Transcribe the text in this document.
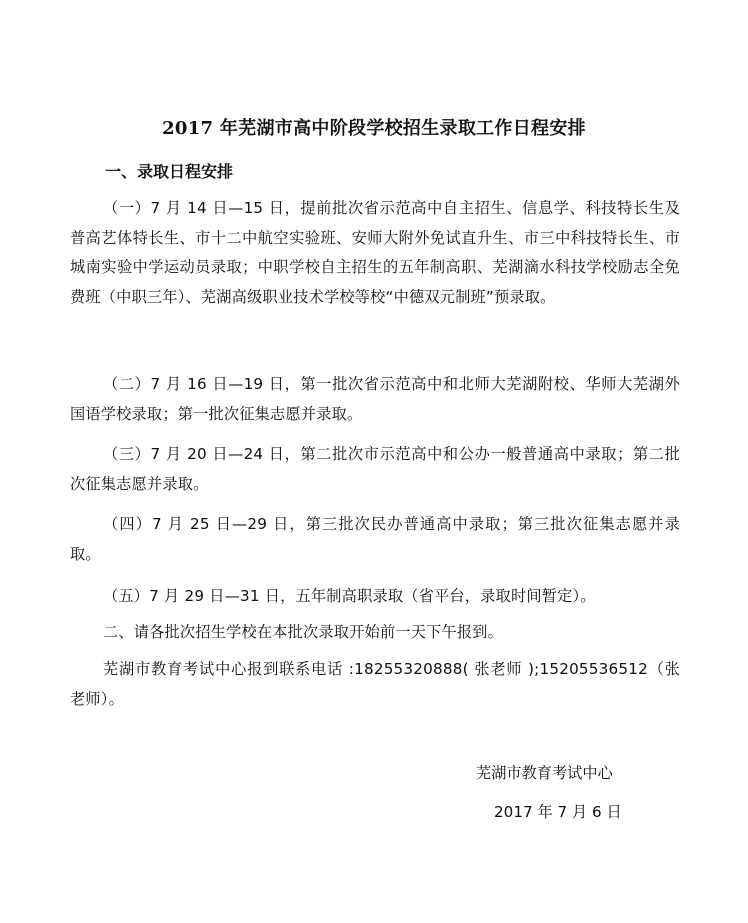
2017 年芜湖市高中阶段学校招生录取工作日程安排

一、录取日程安排

（一）7 月 14 日—15 日，提前批次省示范高中自主招生、信息学、科技特长生及普高艺体特长生、市十二中航空实验班、安师大附外免试直升生、市三中科技特长生、市城南实验中学运动员录取；中职学校自主招生的五年制高职、芜湖滴水科技学校励志全免费班（中职三年）、芜湖高级职业技术学校等校“中德双元制班”预录取。

（二）7 月 16 日—19 日，第一批次省示范高中和北师大芜湖附校、华师大芜湖外国语学校录取；第一批次征集志愿并录取。

（三）7 月 20 日—24 日，第二批次市示范高中和公办一般普通高中录取；第二批次征集志愿并录取。

（四）7 月 25 日—29 日，第三批次民办普通高中录取；第三批次征集志愿并录取。

（五）7 月 29 日—31 日，五年制高职录取（省平台，录取时间暂定）。

二、请各批次招生学校在本批次录取开始前一天下午报到。

芜湖市教育考试中心报到联系电话 :18255320888( 张老师 );15205536512（张老师）。

芜湖市教育考试中心

2017 年 7 月 6 日
